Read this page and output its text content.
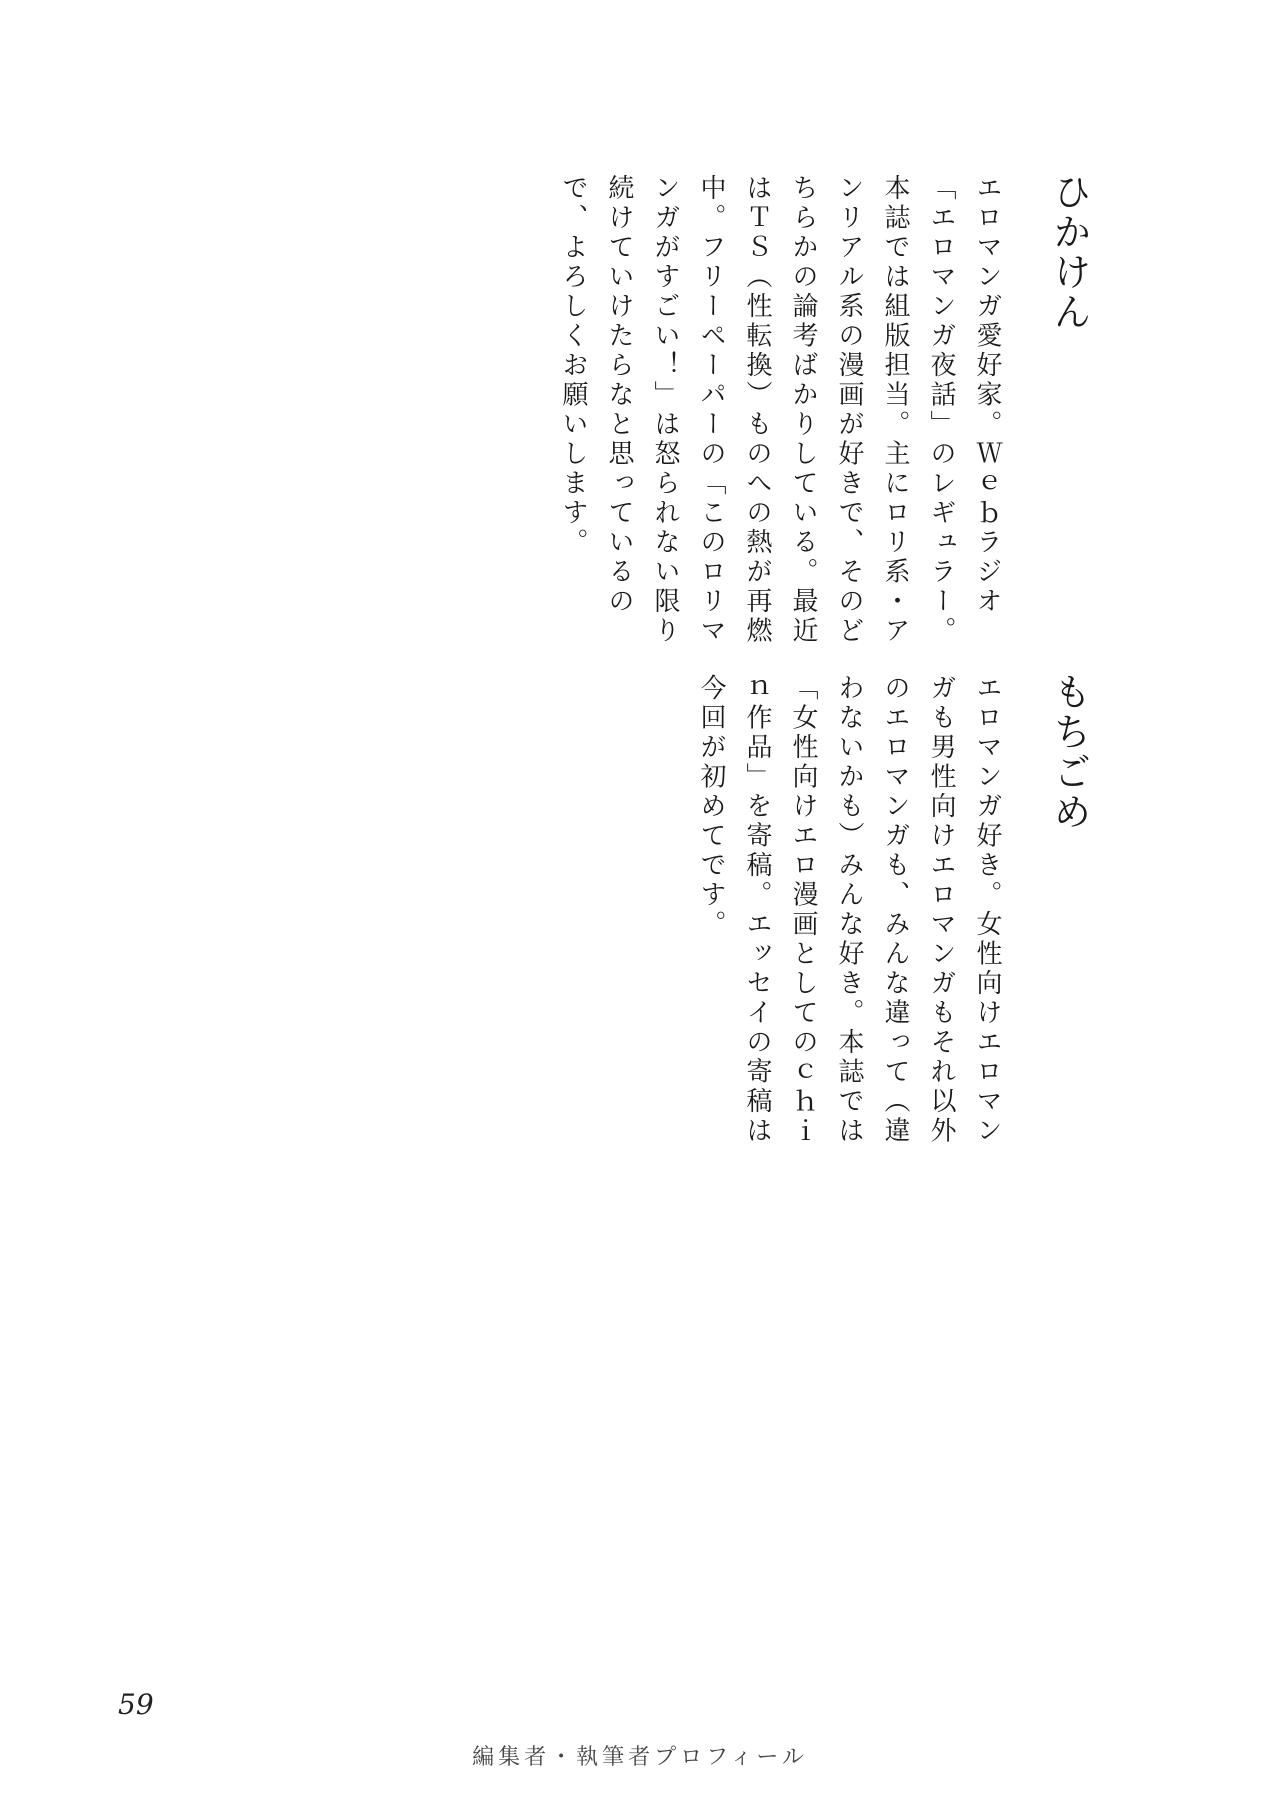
ひかけん
エロマンガ愛好家。Ｗｅｂラジオ「エロマンガ夜話」のレギュラー。本誌では組版担当。主にロリ系・アンリアル系の漫画が好きで、そのどちらかの論考ばかりしている。最近はＴＳ（性転換）ものへの熱が再燃中。フリーペーパーの「このロリマンガがすごい！」は怒られない限り続けていけたらなと思っているので、よろしくお願いします。
もちごめ
エロマンガ好き。女性向けエロマンガも男性向けエロマンガもそれ以外のエロマンガも、みんな違って（違わないかも）みんな好き。本誌では「女性向けエロ漫画としてのｃｈｉｎ作品」を寄稿。エッセイの寄稿は今回が初めてです。
59
編集者・執筆者プロフィール
